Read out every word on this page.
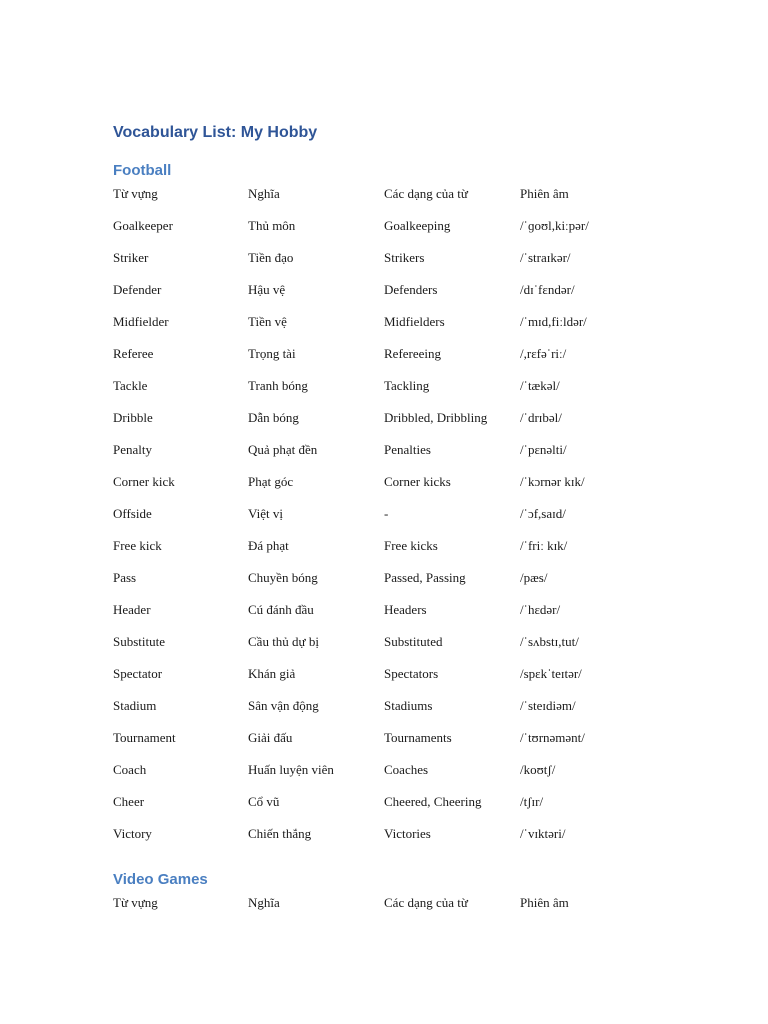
Vocabulary List: My Hobby
Football
Từ vựng	Nghĩa	Các dạng của từ	Phiên âm
Goalkeeper	Thủ môn	Goalkeeping	/ˈɡoʊl,kiːpər/
Striker	Tiền đạo	Strikers	/ˈstraɪkər/
Defender	Hậu vệ	Defenders	/dɪˈfɛndər/
Midfielder	Tiền vệ	Midfielders	/ˈmɪd,fiːldər/
Referee	Trọng tài	Refereeing	/,rɛfəˈriː/
Tackle	Tranh bóng	Tackling	/ˈtækəl/
Dribble	Dẫn bóng	Dribbled, Dribbling	/ˈdrɪbəl/
Penalty	Quả phạt đền	Penalties	/ˈpɛnəlti/
Corner kick	Phạt góc	Corner kicks	/ˈkɔrnər kɪk/
Offside	Việt vị	-	/ˈɔf,saɪd/
Free kick	Đá phạt	Free kicks	/ˈfriː kɪk/
Pass	Chuyền bóng	Passed, Passing	/pæs/
Header	Cú đánh đầu	Headers	/ˈhɛdər/
Substitute	Cầu thủ dự bị	Substituted	/ˈsʌbstɪ,tut/
Spectator	Khán giả	Spectators	/spɛkˈteɪtər/
Stadium	Sân vận động	Stadiums	/ˈsteɪdiəm/
Tournament	Giải đấu	Tournaments	/ˈtʊrnəmənt/
Coach	Huấn luyện viên	Coaches	/koʊtʃ/
Cheer	Cổ vũ	Cheered, Cheering	/tʃɪr/
Victory	Chiến thắng	Victories	/ˈvɪktəri/
Video Games
Từ vựng	Nghĩa	Các dạng của từ	Phiên âm
